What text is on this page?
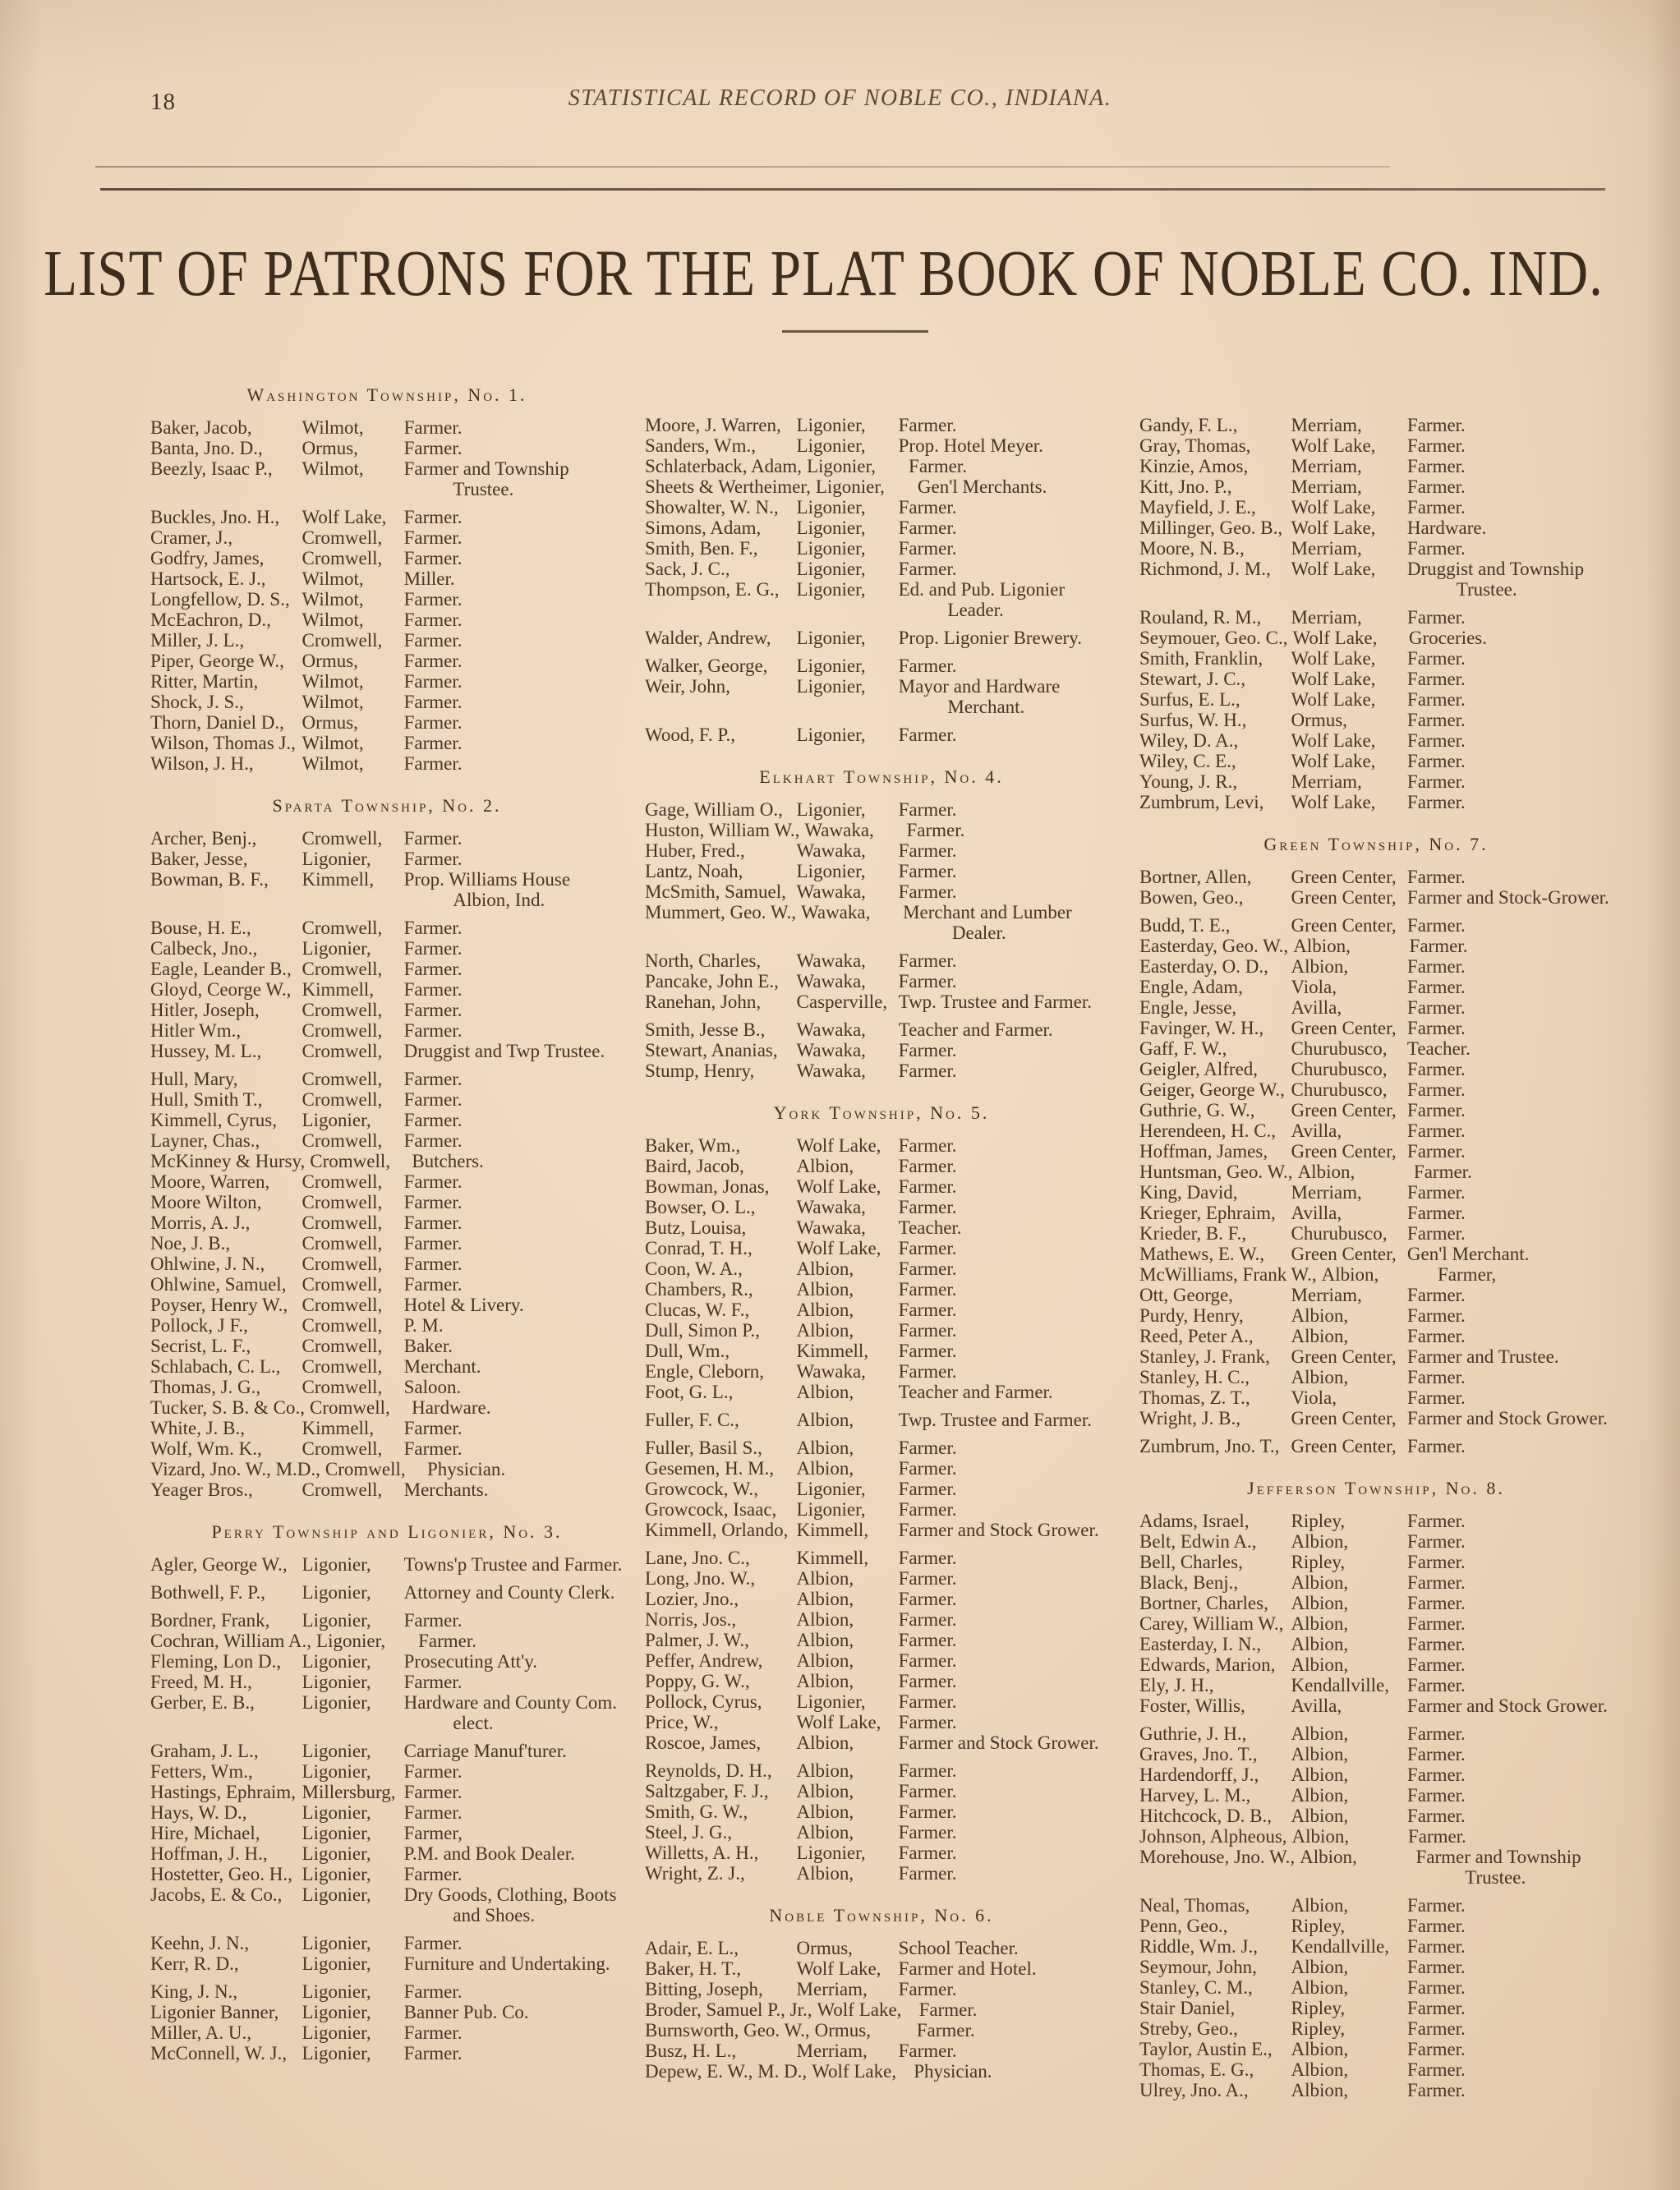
18	STATISTICAL RECORD OF NOBLE CO., INDIANA.
LIST OF PATRONS FOR THE PLAT BOOK OF NOBLE CO. IND.
Washington Township, No. 1.
Baker, Jacob,	Wilmot,	Farmer.
Banta, Jno. D.,	Ormus,	Farmer.
Beezly, Isaac P.,	Wilmot,	Farmer and Township Trustee.
Buckles, Jno. H.,	Wolf Lake, Farmer.
Cramer, J.,	Cromwell,	Farmer.
Godfry, James,	Cromwell,	Farmer.
Hartsock, E. J.,	Wilmot,	Miller.
Longfellow, D. S., Wilmot,	Farmer.
McEachron, D.,	Wilmot,	Farmer.
Miller, J. L.,	Cromwell,	Farmer.
Piper, George W., Ormus,	Farmer.
Ritter, Martin,	Wilmot,	Farmer.
Shock, J. S.,	Wilmot,	Farmer.
Thorn, Daniel D., Ormus,	Farmer.
Wilson, Thomas J., Wilmot,	Farmer.
Wilson, J. H.,	Wilmot,	Farmer.
Sparta Township, No. 2.
Archer, Benj.,	Cromwell,	Farmer.
Baker, Jesse,	Ligonier,	Farmer.
Bowman, B. F.,	Kimmell,	Prop. Williams House Albion, Ind.
Bouse, H. E.,	Cromwell,	Farmer.
Calbeck, Jno.,	Ligonier,	Farmer.
Eagle, Leander B., Cromwell,	Farmer.
Gloyd, Ceorge W., Kimmell,	Farmer.
Hitler, Joseph,	Cromwell,	Farmer.
Hitler Wm.,	Cromwell,	Farmer.
Hussey, M. L.,	Cromwell,	Druggist and Twp Trustee.
Hull, Mary,	Cromwell,	Farmer.
Hull, Smith T.,	Cromwell,	Farmer.
Kimmell, Cyrus,	Ligonier,	Farmer.
Layner, Chas.,	Cromwell,	Farmer.
McKinney & Hursy, Cromwell,	Butchers.
Moore, Warren,	Cromwell,	Farmer.
Moore Wilton,	Cromwell,	Farmer.
Morris, A. J.,	Cromwell,	Farmer.
Noe, J. B.,	Cromwell,	Farmer.
Ohlwine, J. N.,	Cromwell,	Farmer.
Ohlwine, Samuel, Cromwell,	Farmer.
Poyser, Henry W., Cromwell,	Hotel & Livery.
Pollock, J F.,	Cromwell,	P. M.
Secrist, L. F.,	Cromwell,	Baker.
Schlabach, C. L.,	Cromwell,	Merchant.
Thomas, J. G.,	Cromwell,	Saloon.
Tucker, S. B. & Co., Cromwell,	Hardware.
White, J. B.,	Kimmell,	Farmer.
Wolf, Wm. K.,	Cromwell,	Farmer.
Vizard, Jno. W., M.D., Cromwell,	Physician.
Yeager Bros.,	Cromwell,	Merchants.
Perry Township and Ligonier, No. 3.
Agler, George W., Ligonier,	Towns'p Trustee and Farmer.
Bothwell, F. P.,	Ligonier,	Attorney and County Clerk.
Bordner, Frank,	Ligonier,	Farmer.
Cochran, William A., Ligonier,	Farmer.
Fleming, Lon D.,	Ligonier,	Prosecuting Att'y.
Freed, M. H.,	Ligonier,	Farmer.
Gerber, E. B.,	Ligonier,	Hardware and County Com. elect.
Graham, J. L.,	Ligonier,	Carriage Manuf'turer.
Fetters, Wm.,	Ligonier,	Farmer.
Hastings, Ephraim, Millersburg, Farmer.
Hays, W. D.,	Ligonier,	Farmer.
Hire, Michael,	Ligonier,	Farmer,
Hoffman, J. H.,	Ligonier,	P.M. and Book Dealer.
Hostetter, Geo. H., Ligonier,	Farmer.
Jacobs, E. & Co.,	Ligonier,	Dry Goods, Clothing, Boots and Shoes.
Keehn, J. N.,	Ligonier,	Farmer.
Kerr, R. D.,	Ligonier,	Furniture and Undertaking.
King, J. N.,	Ligonier,	Farmer.
Ligonier Banner,	Ligonier,	Banner Pub. Co.
Miller, A. U.,	Ligonier,	Farmer.
McConnell, W. J., Ligonier,	Farmer.
Moore, J. Warren, Ligonier,	Farmer.
Sanders, Wm.,	Ligonier,	Prop. Hotel Meyer.
Schlaterback, Adam, Ligonier,	Farmer.
Sheets & Wertheimer, Ligonier,	Gen'l Merchants.
Showalter, W. N., Ligonier,	Farmer.
Simons, Adam,	Ligonier,	Farmer.
Smith, Ben. F.,	Ligonier,	Farmer.
Sack, J. C.,	Ligonier,	Farmer.
Thompson, E. G., Ligonier,	Ed. and Pub. Ligonier Leader.
Walder, Andrew,	Ligonier,	Prop. Ligonier Brewery.
Walker, George,	Ligonier,	Farmer.
Weir, John,	Ligonier,	Mayor and Hardware Merchant.
Wood, F. P.,	Ligonier,	Farmer.
Elkhart Township, No. 4.
Gage, William O., Ligonier,	Farmer.
Huston, William W., Wawaka,	Farmer.
Huber, Fred.,	Wawaka,	Farmer.
Lantz, Noah,	Ligonier,	Farmer.
McSmith, Samuel, Wawaka,	Farmer.
Mummert, Geo. W., Wawaka,	Merchant and Lumber Dealer.
North, Charles,	Wawaka,	Farmer.
Pancake, John E., Wawaka,	Farmer.
Ranehan, John,	Casperville, Twp. Trustee and Farmer.
Smith, Jesse B.,	Wawaka,	Teacher and Farmer.
Stewart, Ananias, Wawaka,	Farmer.
Stump, Henry,	Wawaka,	Farmer.
York Township, No. 5.
Baker, Wm.,	Wolf Lake, Farmer.
Baird, Jacob,	Albion,	Farmer.
Bowman, Jonas,	Wolf Lake, Farmer.
Bowser, O. L.,	Wawaka,	Farmer.
Butz, Louisa,	Wawaka,	Teacher.
Conrad, T. H.,	Wolf Lake, Farmer.
Coon, W. A.,	Albion,	Farmer.
Chambers, R.,	Albion,	Farmer.
Clucas, W. F.,	Albion,	Farmer.
Dull, Simon P.,	Albion,	Farmer.
Dull, Wm.,	Kimmell,	Farmer.
Engle, Cleborn,	Wawaka,	Farmer.
Foot, G. L.,	Albion,	Teacher and Farmer.
Fuller, F. C.,	Albion,	Twp. Trustee and Farmer.
Fuller, Basil S.,	Albion,	Farmer.
Gesemen, H. M.,	Albion,	Farmer.
Growcock, W.,	Ligonier,	Farmer.
Growcock, Isaac,	Ligonier,	Farmer.
Kimmell, Orlando, Kimmell,	Farmer and Stock Grower.
Lane, Jno. C.,	Kimmell,	Farmer.
Long, Jno. W.,	Albion,	Farmer.
Lozier, Jno.,	Albion,	Farmer.
Norris, Jos.,	Albion,	Farmer.
Palmer, J. W.,	Albion,	Farmer.
Peffer, Andrew,	Albion,	Farmer.
Poppy, G. W.,	Albion,	Farmer.
Pollock, Cyrus,	Ligonier,	Farmer.
Price, W.,	Wolf Lake, Farmer.
Roscoe, James,	Albion,	Farmer and Stock Grower.
Reynolds, D. H.,	Albion,	Farmer.
Saltzgaber, F. J.,	Albion,	Farmer.
Smith, G. W.,	Albion,	Farmer.
Steel, J. G.,	Albion,	Farmer.
Willetts, A. H.,	Ligonier,	Farmer.
Wright, Z. J.,	Albion,	Farmer.
Noble Township, No. 6.
Adair, E. L.,	Ormus,	School Teacher.
Baker, H. T.,	Wolf Lake, Farmer and Hotel.
Bitting, Joseph,	Merriam,	Farmer.
Broder, Samuel P., Jr., Wolf Lake, Farmer.
Burnsworth, Geo. W., Ormus,	Farmer.
Busz, H. L.,	Merriam,	Farmer.
Depew, E. W., M. D., Wolf Lake, Physician.
Gandy, F. L.,	Merriam,	Farmer.
Gray, Thomas,	Wolf Lake,	Farmer.
Kinzie, Amos,	Merriam,	Farmer.
Kitt, Jno. P.,	Merriam,	Farmer.
Mayfield, J. E.,	Wolf Lake,	Farmer.
Millinger, Geo. B., Wolf Lake,	Hardware.
Moore, N. B.,	Merriam,	Farmer.
Richmond, J. M.,	Wolf Lake,	Druggist and Township Trustee.
Rouland, R. M.,	Merriam,	Farmer.
Seymouer, Geo. C., Wolf Lake,	Groceries.
Smith, Franklin,	Wolf Lake,	Farmer.
Stewart, J. C.,	Wolf Lake,	Farmer.
Surfus, E. L.,	Wolf Lake,	Farmer.
Surfus, W. H.,	Ormus,	Farmer.
Wiley, D. A.,	Wolf Lake,	Farmer.
Wiley, C. E.,	Wolf Lake,	Farmer.
Young, J. R.,	Merriam,	Farmer.
Zumbrum, Levi,	Wolf Lake,	Farmer.
Green Township, No. 7.
Bortner, Allen,	Green Center, Farmer.
Bowen, Geo.,	Green Center, Farmer and Stock-Grower.
Budd, T. E.,	Green Center, Farmer.
Easterday, Geo. W., Albion,	Farmer.
Easterday, O. D.,	Albion,	Farmer.
Engle, Adam,	Viola,	Farmer.
Engle, Jesse,	Avilla,	Farmer.
Favinger, W. H.,	Green Center, Farmer.
Gaff, F. W.,	Churubusco,	Teacher.
Geigler, Alfred,	Churubusco,	Farmer.
Geiger, George W., Churubusco,	Farmer.
Guthrie, G. W.,	Green Center, Farmer.
Herendeen, H. C., Avilla,	Farmer.
Hoffman, James,	Green Center, Farmer.
Huntsman, Geo. W., Albion,	Farmer.
King, David,	Merriam,	Farmer.
Krieger, Ephraim, Avilla,	Farmer.
Krieder, B. F.,	Churubusco,	Farmer.
Mathews, E. W.,	Green Center, Gen'l Merchant.
McWilliams, Frank W., Albion,	Farmer,
Ott, George,	Merriam,	Farmer.
Purdy, Henry,	Albion,	Farmer.
Reed, Peter A.,	Albion,	Farmer.
Stanley, J. Frank,	Green Center, Farmer and Trustee.
Stanley, H. C.,	Albion,	Farmer.
Thomas, Z. T.,	Viola,	Farmer.
Wright, J. B.,	Green Center, Farmer and Stock Grower.
Zumbrum, Jno. T., Green Center, Farmer.
Jefferson Township, No. 8.
Adams, Israel,	Ripley,	Farmer.
Belt, Edwin A.,	Albion,	Farmer.
Bell, Charles,	Ripley,	Farmer.
Black, Benj.,	Albion,	Farmer.
Bortner, Charles,	Albion,	Farmer.
Carey, William W., Albion,	Farmer.
Easterday, I. N.,	Albion,	Farmer.
Edwards, Marion, Albion,	Farmer.
Ely, J. H.,	Kendallville, Farmer.
Foster, Willis,	Avilla,	Farmer and Stock Grower.
Guthrie, J. H.,	Albion,	Farmer.
Graves, Jno. T.,	Albion,	Farmer.
Hardendorff, J.,	Albion,	Farmer.
Harvey, L. M.,	Albion,	Farmer.
Hitchcock, D. B.,	Albion,	Farmer.
Johnson, Alpheous, Albion,	Farmer.
Morehouse, Jno. W., Albion,	Farmer and Township Trustee.
Neal, Thomas,	Albion,	Farmer.
Penn, Geo.,	Ripley,	Farmer.
Riddle, Wm. J.,	Kendallville, Farmer.
Seymour, John,	Albion,	Farmer.
Stanley, C. M.,	Albion,	Farmer.
Stair Daniel,	Ripley,	Farmer.
Streby, Geo.,	Ripley,	Farmer.
Taylor, Austin E., Albion,	Farmer.
Thomas, E. G.,	Albion,	Farmer.
Ulrey, Jno. A.,	Albion,	Farmer.
